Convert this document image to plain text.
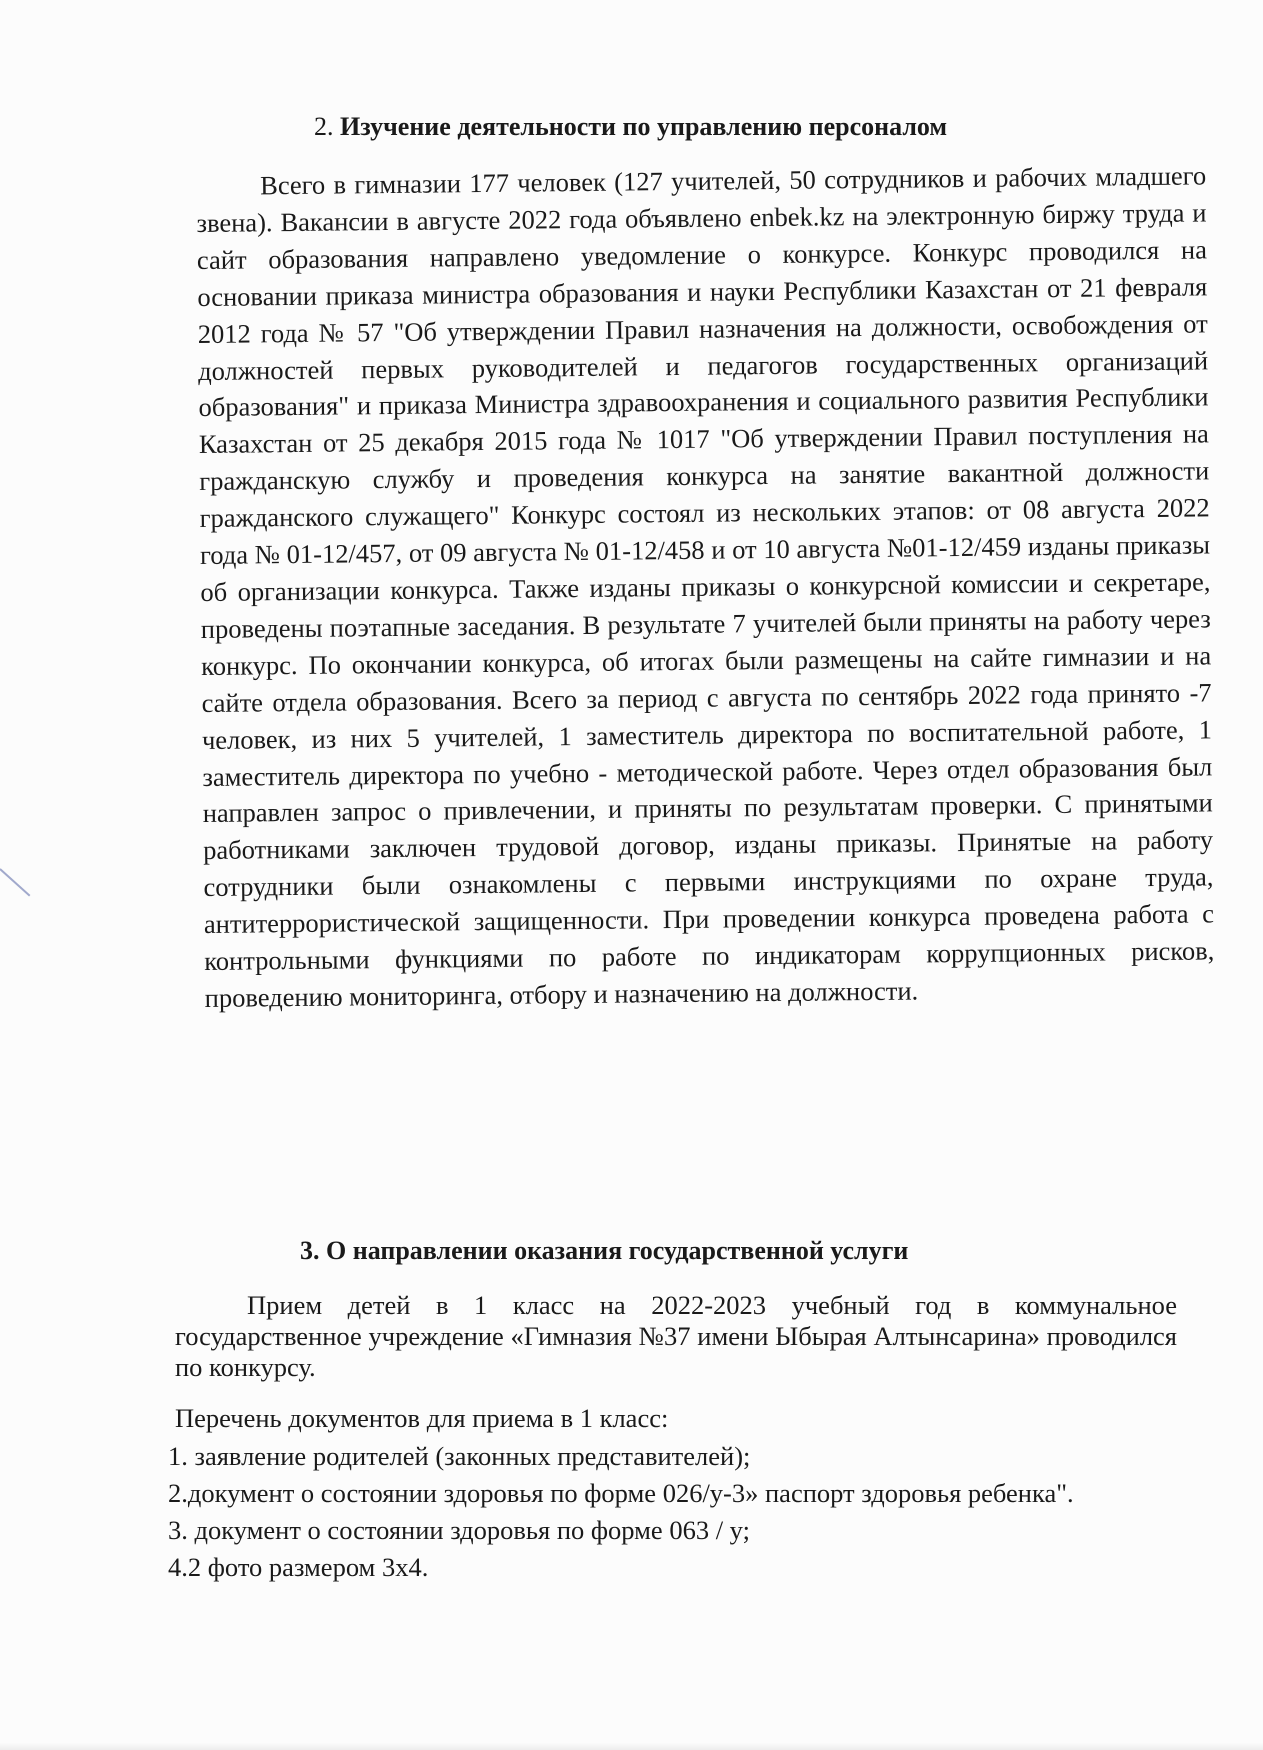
2. Изучение деятельности по управлению персоналом
Всего в гимназии 177 человек (127 учителей, 50 сотрудников и рабочих младшего звена). Вакансии в августе 2022 года объявлено enbek.kz на электронную биржу труда и сайт образования направлено уведомление о конкурсе. Конкурс проводился на основании приказа министра образования и науки Республики Казахстан от 21 февраля 2012 года № 57 "Об утверждении Правил назначения на должности, освобождения от должностей первых руководителей и педагогов государственных организаций образования" и приказа Министра здравоохранения и социального развития Республики Казахстан от 25 декабря 2015 года № 1017 "Об утверждении Правил поступления на гражданскую службу и проведения конкурса на занятие вакантной должности гражданского служащего" Конкурс состоял из нескольких этапов: от 08 августа 2022 года № 01-12/457, от 09 августа № 01-12/458 и от 10 августа №01-12/459 изданы приказы об организации конкурса. Также изданы приказы о конкурсной комиссии и секретаре, проведены поэтапные заседания. В результате 7 учителей были приняты на работу через конкурс. По окончании конкурса, об итогах были размещены на сайте гимназии и на сайте отдела образования. Всего за период с августа по сентябрь 2022 года принято -7 человек, из них 5 учителей, 1 заместитель директора по воспитательной работе, 1 заместитель директора по учебно - методической работе. Через отдел образования был направлен запрос о привлечении, и приняты по результатам проверки. С принятыми работниками заключен трудовой договор, изданы приказы. Принятые на работу сотрудники были ознакомлены с первыми инструкциями по охране труда, антитеррористической защищенности. При проведении конкурса проведена работа с контрольными функциями по работе по индикаторам коррупционных рисков, проведению мониторинга, отбору и назначению на должности.
3. О направлении оказания государственной услуги
Прием детей в 1 класс на 2022-2023 учебный год в коммунальное государственное учреждение «Гимназия №37 имени Ыбырая Алтынсарина» проводился по конкурсу.
Перечень документов для приема в 1 класс:
1. заявление родителей (законных представителей);
2.документ о состоянии здоровья по форме 026/у-3» паспорт здоровья ребенка".
3. документ о состоянии здоровья по форме 063 / у;
4.2 фото размером 3х4.
